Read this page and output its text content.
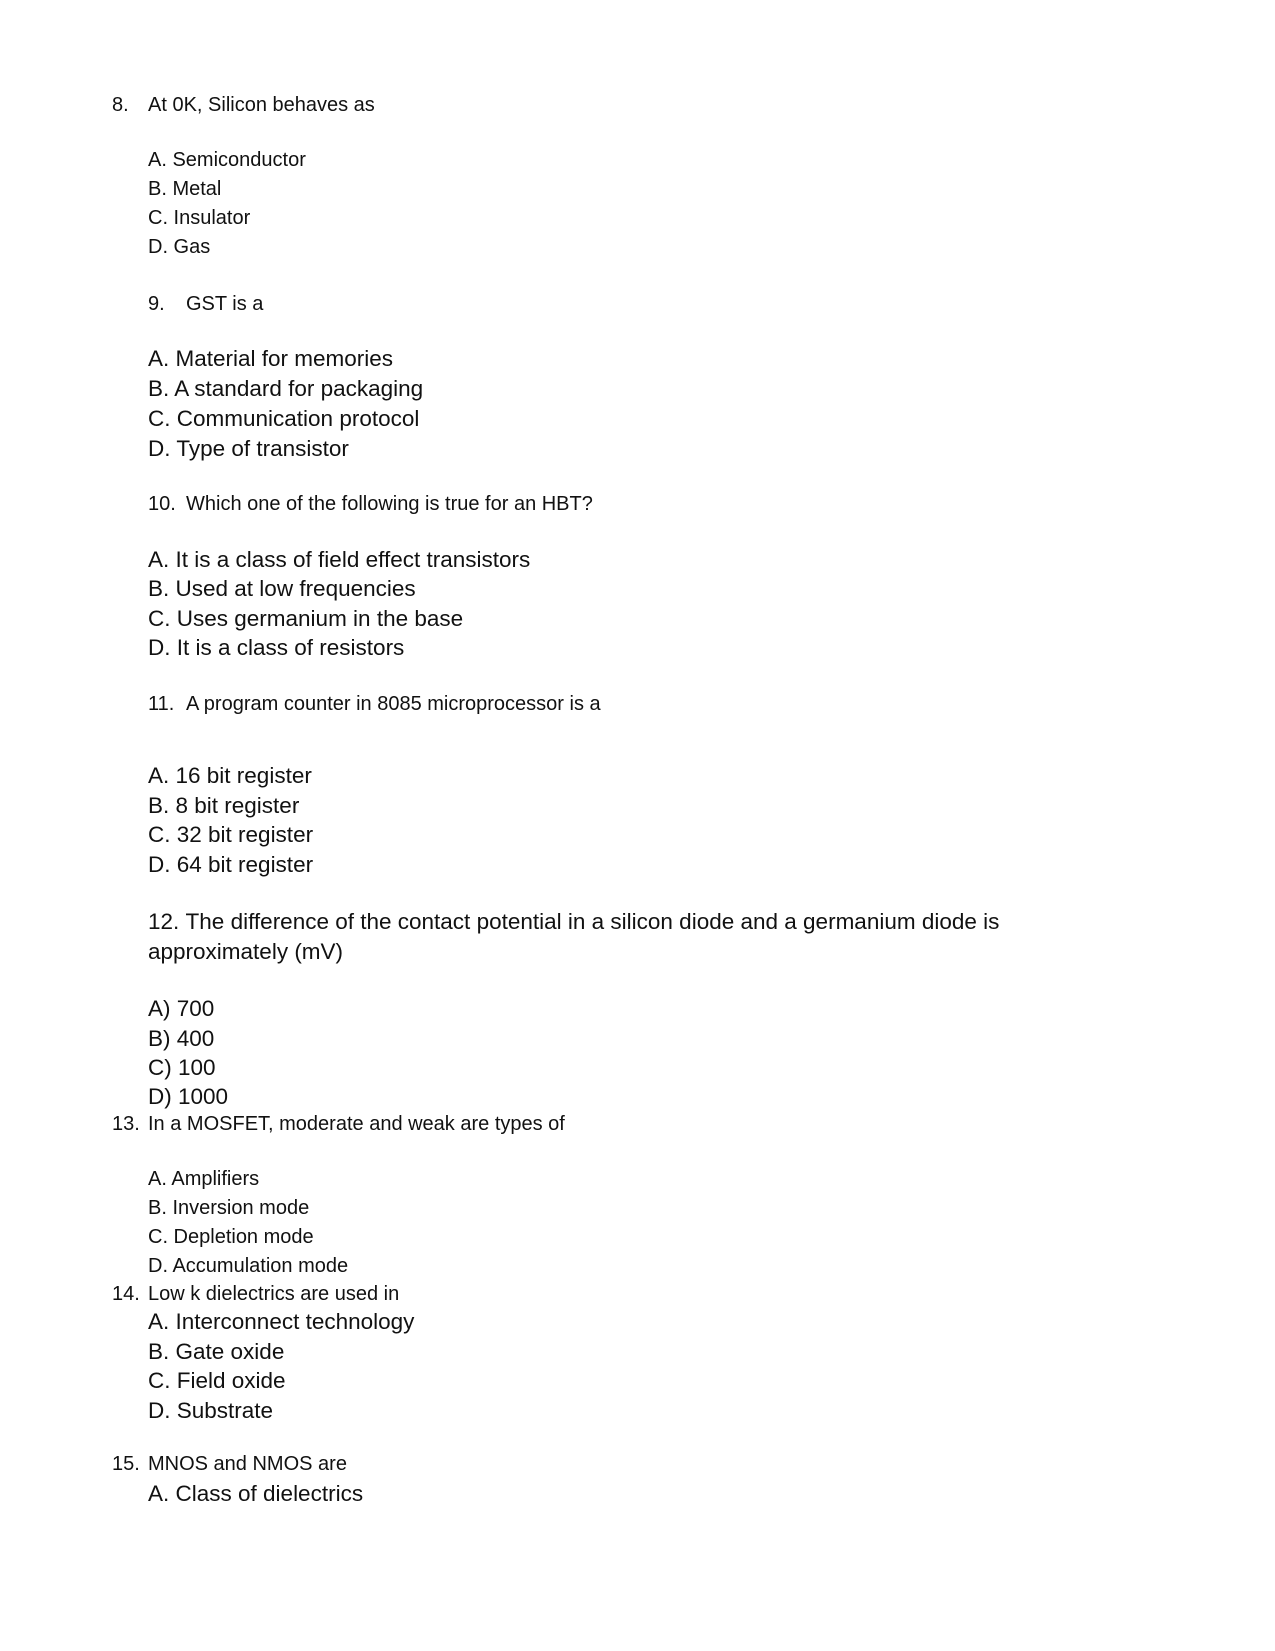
8. At 0K, Silicon behaves as
A. Semiconductor
B. Metal
C. Insulator
D. Gas
9. GST is a
A. Material for memories
B. A standard for packaging
C. Communication protocol
D. Type of transistor
10. Which one of the following is true for an HBT?
A. It is a class of field effect transistors
B. Used at low frequencies
C. Uses germanium in the base
D. It is a class of resistors
11. A program counter in 8085 microprocessor is a
A. 16 bit register
B. 8 bit register
C. 32 bit register
D. 64 bit register
12. The difference of the contact potential in a silicon diode and a germanium diode is
approximately (mV)
A) 700
B) 400
C) 100
D) 1000
13. In a MOSFET, moderate and weak are types of
A. Amplifiers
B. Inversion mode
C. Depletion mode
D. Accumulation mode
14. Low k dielectrics are used in
A. Interconnect technology
B. Gate oxide
C. Field oxide
D. Substrate
15. MNOS and NMOS are
A. Class of dielectrics
